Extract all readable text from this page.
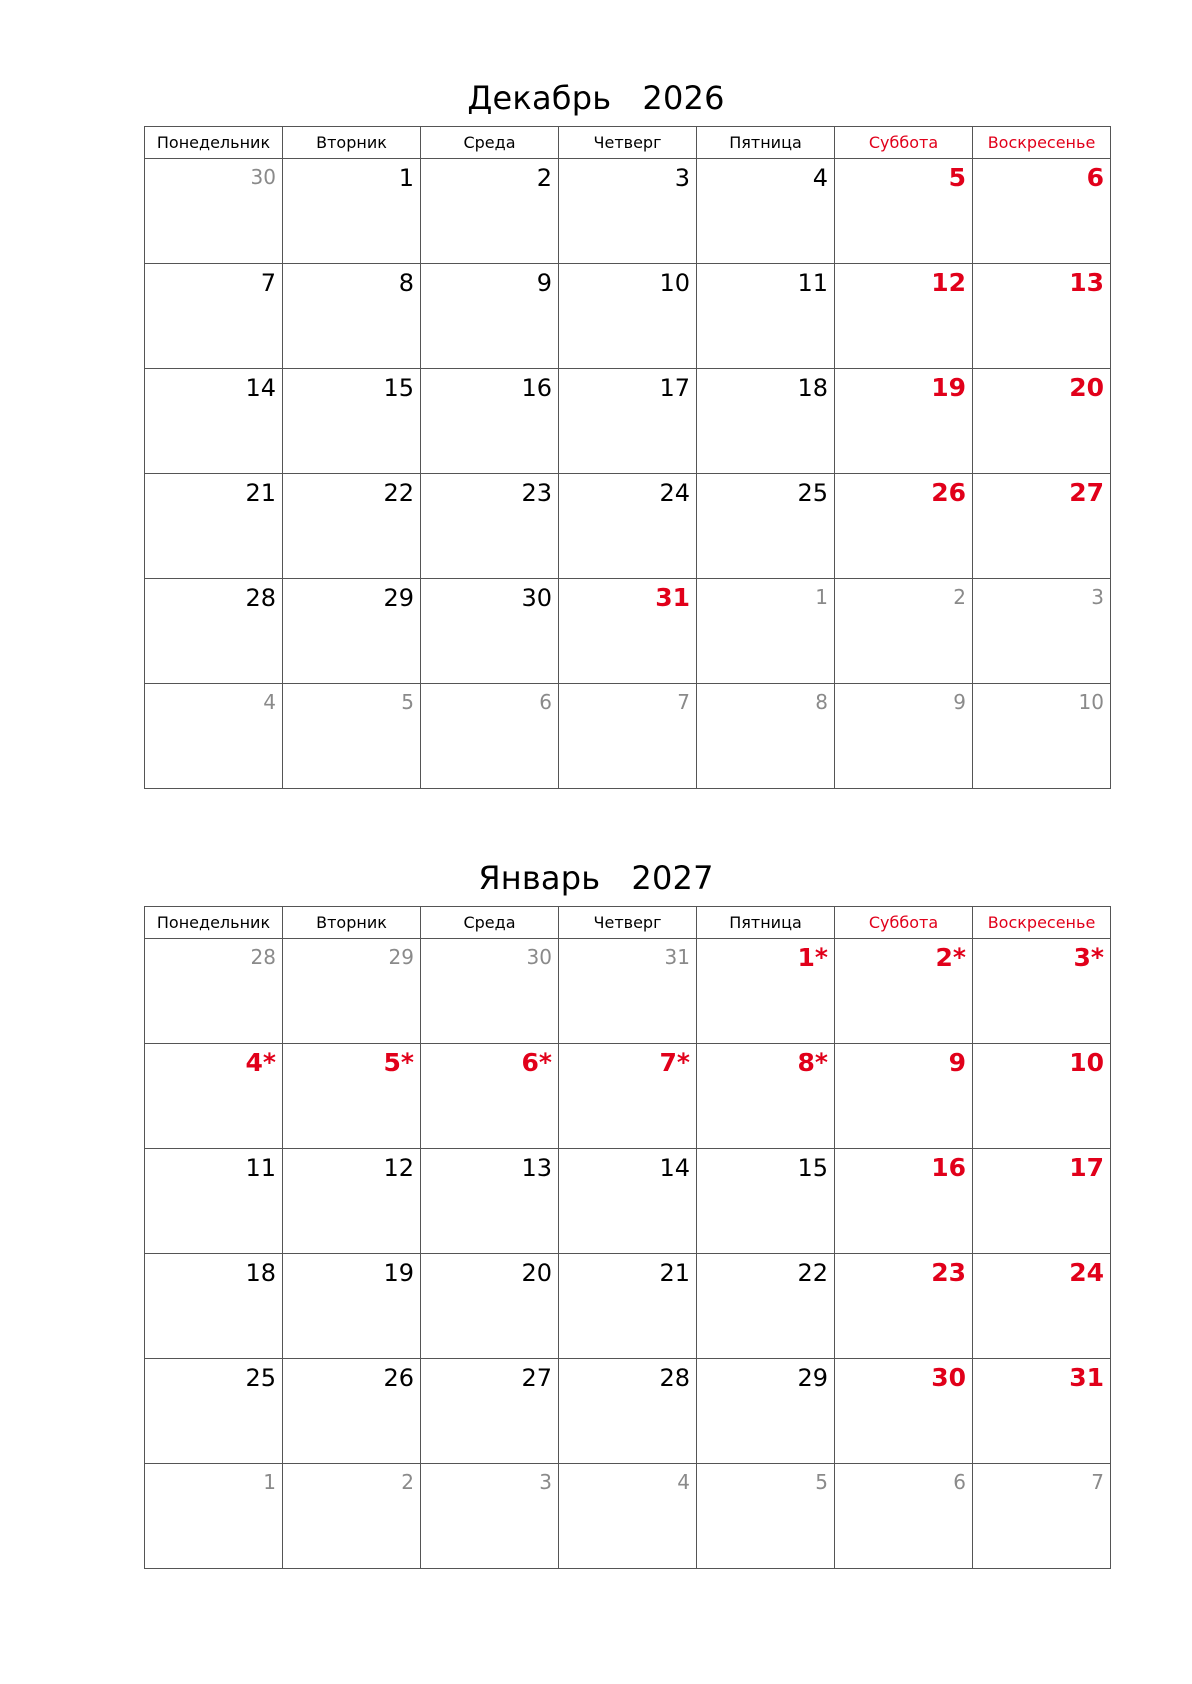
Декабрь   2026
Понедельник	Вторник	Среда	Четверг	Пятница	Суббота	Воскресенье
30	1	2	3	4	5	6
7	8	9	10	11	12	13
14	15	16	17	18	19	20
21	22	23	24	25	26	27
28	29	30	31	1	2	3
4	5	6	7	8	9	10
Январь   2027
Понедельник	Вторник	Среда	Четверг	Пятница	Суббота	Воскресенье
28	29	30	31	1*	2*	3*
4*	5*	6*	7*	8*	9	10
11	12	13	14	15	16	17
18	19	20	21	22	23	24
25	26	27	28	29	30	31
1	2	3	4	5	6	7
